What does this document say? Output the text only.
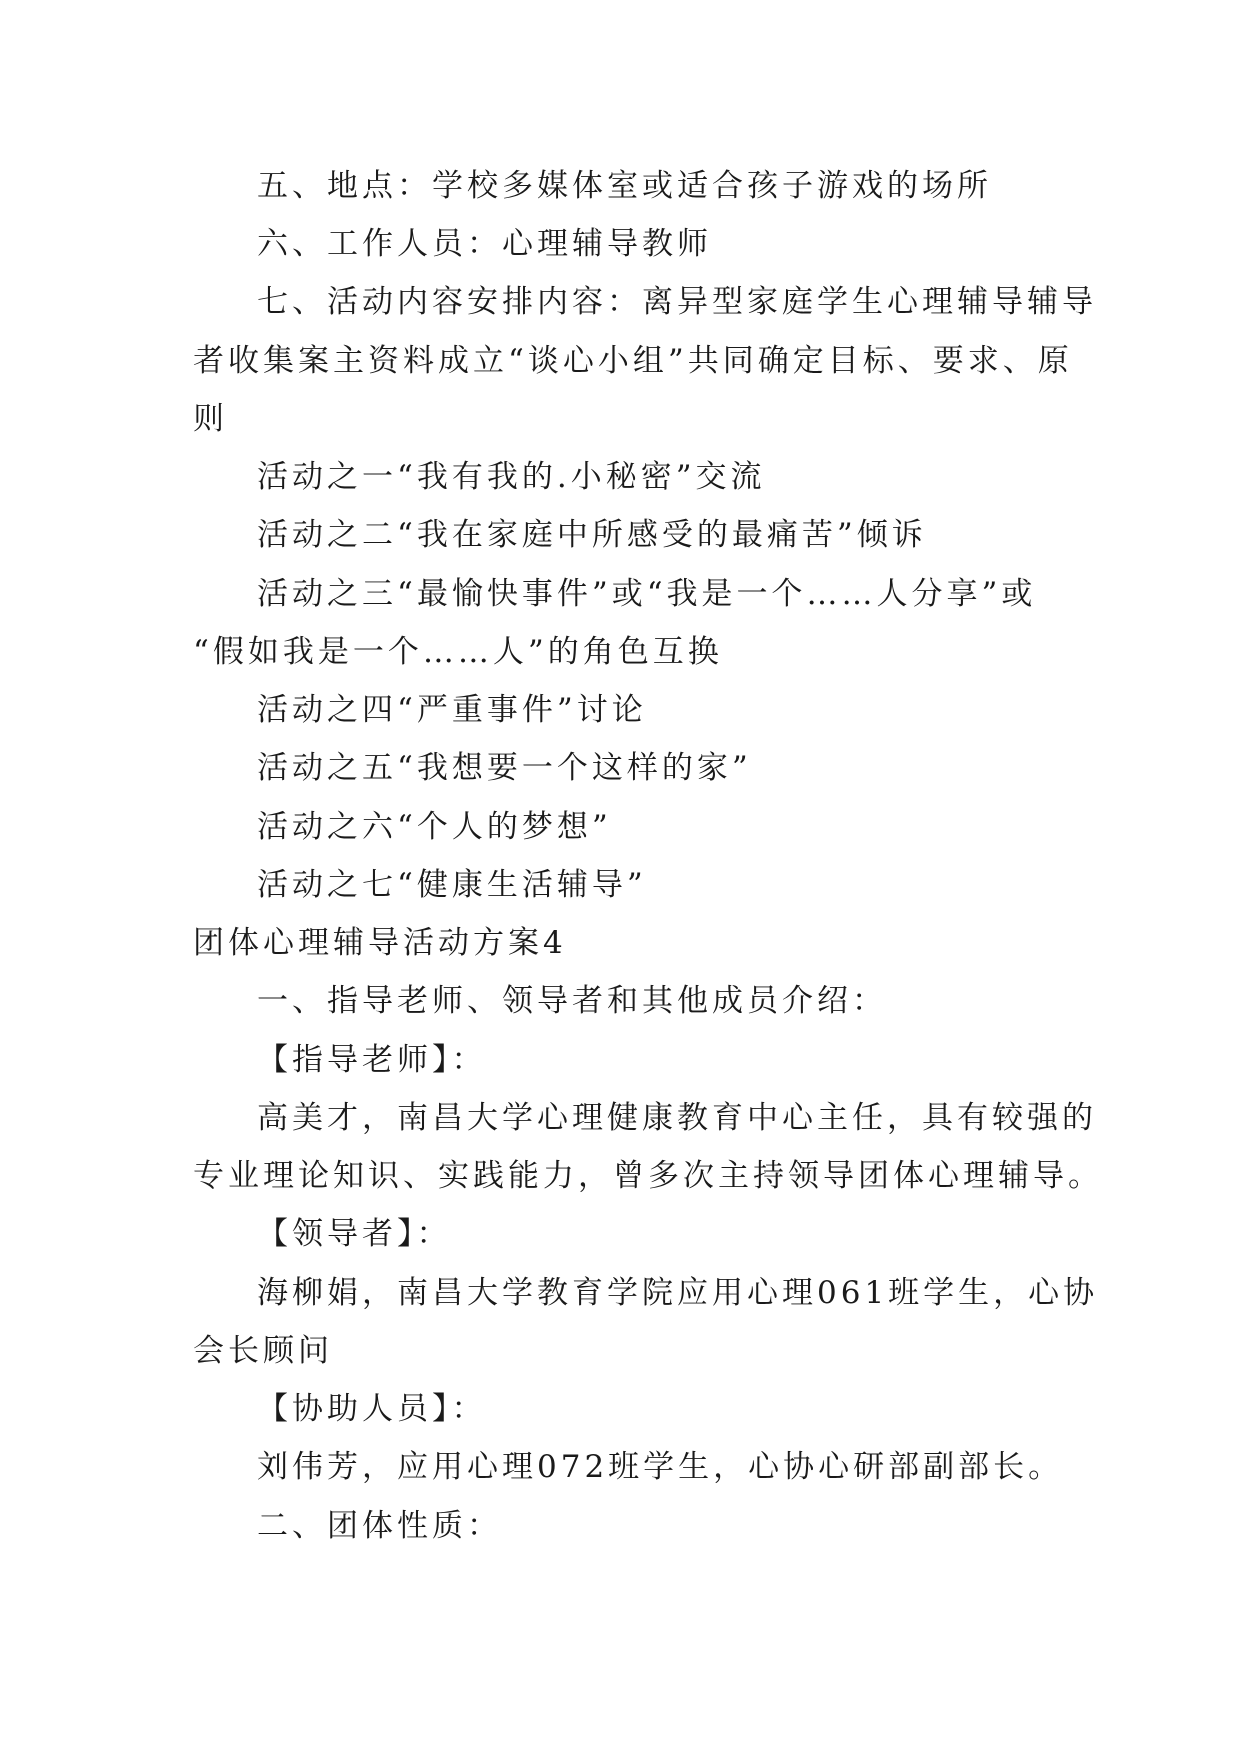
五、地点：学校多媒体室或适合孩子游戏的场所
六、工作人员：心理辅导教师
七、活动内容安排内容：离异型家庭学生心理辅导辅导
者收集案主资料成立“谈心小组”共同确定目标、要求、原
则
活动之一“我有我的.小秘密”交流
活动之二“我在家庭中所感受的最痛苦”倾诉
活动之三“最愉快事件”或“我是一个……人分享”或
“假如我是一个……人”的角色互换
活动之四“严重事件”讨论
活动之五“我想要一个这样的家”
活动之六“个人的梦想”
活动之七“健康生活辅导”
团体心理辅导活动方案4
一、指导老师、领导者和其他成员介绍：
【指导老师】：
高美才，南昌大学心理健康教育中心主任，具有较强的
专业理论知识、实践能力，曾多次主持领导团体心理辅导。
【领导者】：
海柳娟，南昌大学教育学院应用心理061班学生，心协
会长顾问
【协助人员】：
刘伟芳，应用心理072班学生，心协心研部副部长。
二、团体性质：
